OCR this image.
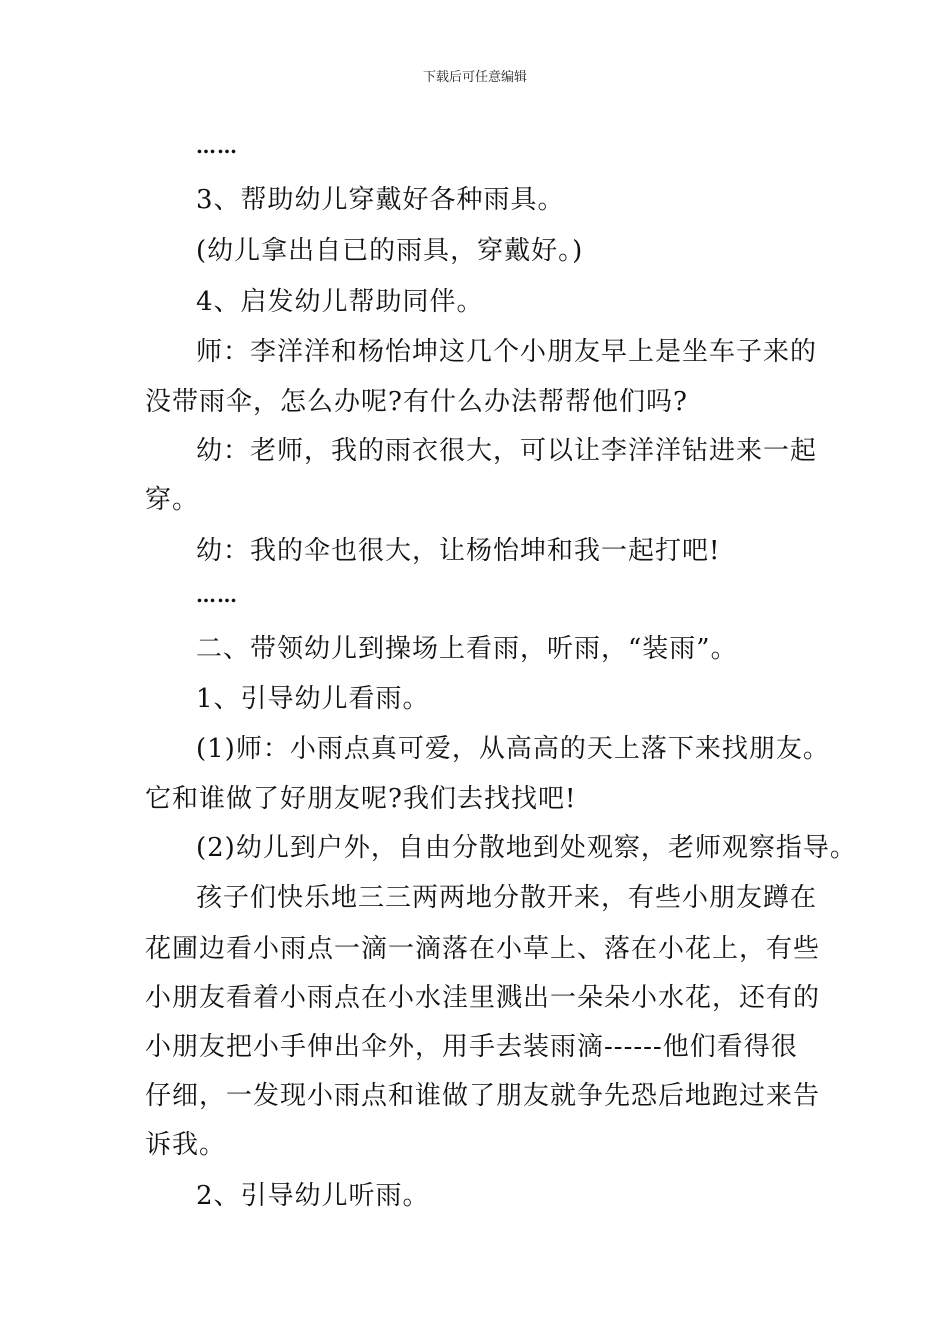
下载后可任意编辑
……
3、帮助幼儿穿戴好各种雨具。
(幼儿拿出自已的雨具，穿戴好。)
4、启发幼儿帮助同伴。
师：李洋洋和杨怡坤这几个小朋友早上是坐车子来的
没带雨伞，怎么办呢?有什么办法帮帮他们吗?
幼：老师，我的雨衣很大，可以让李洋洋钻进来一起
穿。
幼：我的伞也很大，让杨怡坤和我一起打吧!
……
二、带领幼儿到操场上看雨，听雨，“装雨”。
1、引导幼儿看雨。
(1)师：小雨点真可爱，从高高的天上落下来找朋友。
它和谁做了好朋友呢?我们去找找吧!
(2)幼儿到户外，自由分散地到处观察，老师观察指导。
孩子们快乐地三三两两地分散开来，有些小朋友蹲在
花圃边看小雨点一滴一滴落在小草上、落在小花上，有些
小朋友看着小雨点在小水洼里溅出一朵朵小水花，还有的
小朋友把小手伸出伞外，用手去装雨滴------他们看得很
仔细，一发现小雨点和谁做了朋友就争先恐后地跑过来告
诉我。
2、引导幼儿听雨。
